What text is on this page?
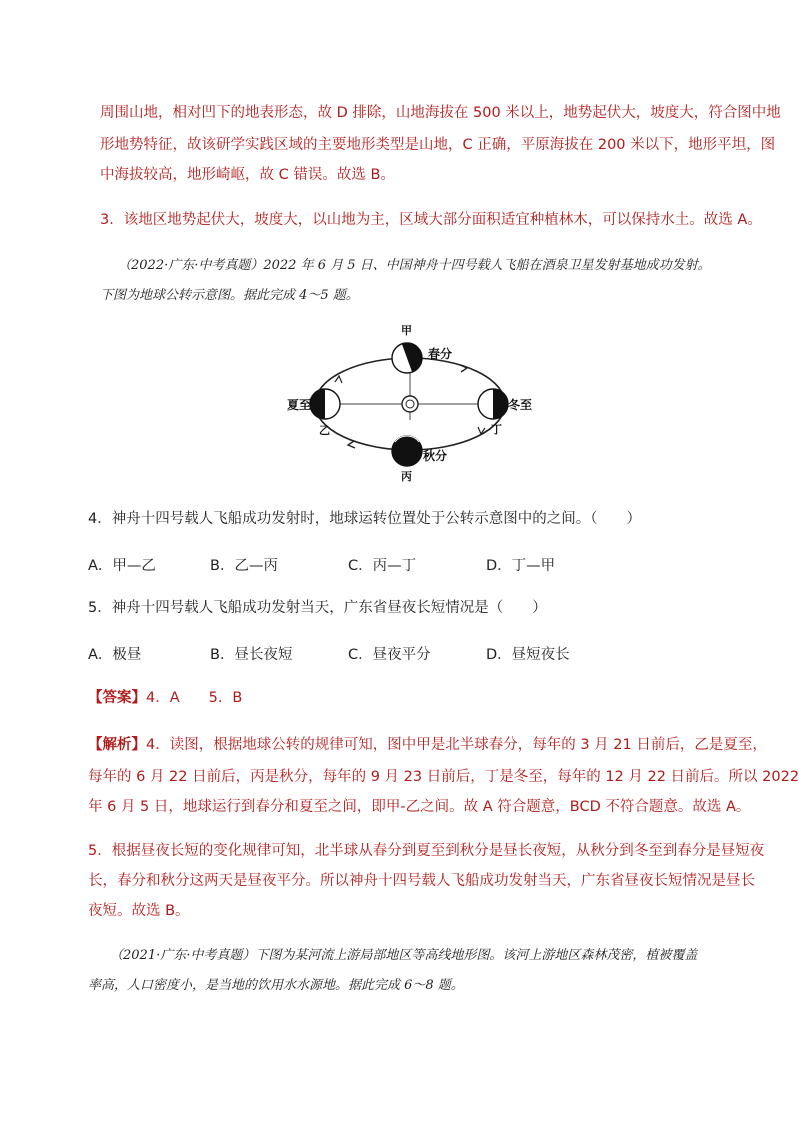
周围山地，相对凹下的地表形态，故 D 排除，山地海拔在 500 米以上，地势起伏大，坡度大，符合图中地
形地势特征，故该研学实践区域的主要地形类型是山地，C 正确，平原海拔在 200 米以下，地形平坦，图
中海拔较高，地形崎岖，故 C 错误。故选 B。
3．该地区地势起伏大，坡度大，以山地为主，区域大部分面积适宜种植林木，可以保持水土。故选 A。
（2022·广东·中考真题）2022 年 6 月 5 日、中国神舟十四号载人飞船在酒泉卫星发射基地成功发射。
下图为地球公转示意图。据此完成 4～5 题。
甲
春分
夏至
乙
秋分
丙
冬至
丁
4．神舟十四号载人飞船成功发射时，地球运转位置处于公转示意图中的之间。（　　）
A．甲—乙	B．乙—丙	C．丙—丁	D．丁—甲
5．神舟十四号载人飞船成功发射当天，广东省昼夜长短情况是（　　）
A．极昼	B．昼长夜短	C．昼夜平分	D．昼短夜长
【答案】4．A　　5．B
【解析】4．读图，根据地球公转的规律可知，图中甲是北半球春分，每年的 3 月 21 日前后，乙是夏至，
每年的 6 月 22 日前后，丙是秋分，每年的 9 月 23 日前后，丁是冬至，每年的 12 月 22 日前后。所以 2022
年 6 月 5 日，地球运行到春分和夏至之间，即甲-乙之间。故 A 符合题意，BCD 不符合题意。故选 A。
5．根据昼夜长短的变化规律可知，北半球从春分到夏至到秋分是昼长夜短，从秋分到冬至到春分是昼短夜
长，春分和秋分这两天是昼夜平分。所以神舟十四号载人飞船成功发射当天，广东省昼夜长短情况是昼长
夜短。故选 B。
（2021·广东·中考真题）下图为某河流上游局部地区等高线地形图。该河上游地区森林茂密，植被覆盖
率高，人口密度小，是当地的饮用水水源地。据此完成 6～8 题。
